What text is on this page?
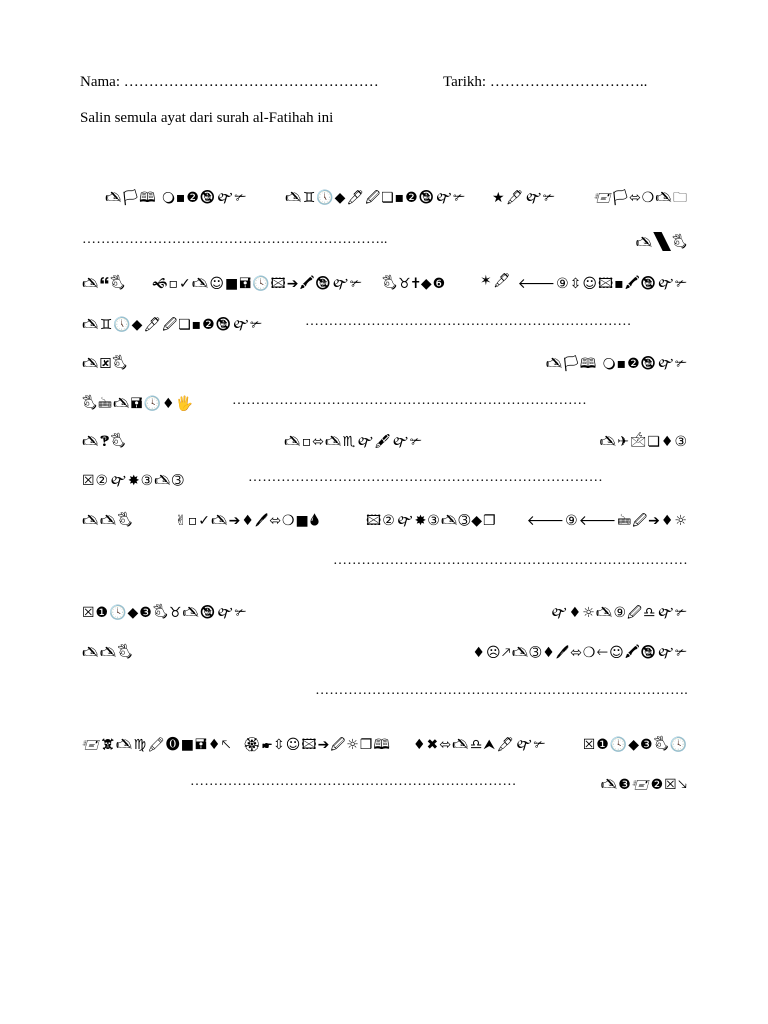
Nama: ……………………………………………	Tarikh: …………………………..
Salin semula ayat dari surah al-Fatihah ini
🖎🏳🕮 🔾▪❷🕲🙰✃	🖎♊🕔◆🖊🖉❏▪❷🕲🙰✃ ★🖋🙰✃	🖅🏳⬄❍🖎🗀
………………………………………………………..	🖎🙽🖏
🖎🙶🖏 🙜▫✓🖎☺■🖬🕓🖾➔🖍🕲🙰✃ 🖏♉🕇◆❻ ✶🖋 🡐⑨⇳☺🖾▪🖍🕲🙰✃
🖎♊🕔◆🖊🖉❏▪❷🕲🙰✃	……………………………………………………………
🖎🗷🖏	🖎🏳🕮 🔾▪❷🕲🙰✃
🖏🖮🖎🖬🕓♦🖐	…………………………………………………………………
🖎🙹🖏	🖎▫⬄🖎♏🙰🖋🙰✃	🖎✈🖄❏♦③
☒②🙰✸③🖎➂	…………………………………………………………………
🖎🖎🖏	✌▫✓🖎➔♦🖊⬄❍■🌢	🖾②🙰✸③🖎➂◆❐ 🡐⑨🡐🖮🖉➔♦☼
…………………………………………………………………
☒❶🕓◆❸🖏♉🖎🕲🙰✃	🙰♦☼🖎⑨🖉♎🙰✃
🖎🖎🖏	♦☹🡕🖎➂♦🖊⬄❍🡐☺🖍🕲🙰✃
…………………………………………………………………….
🖅🕱🖎♍🖍⓿■🖬♦🡔 🏵🖝⇳☺🖾➔🖉☼❐🕮 ♦✖⬄🖎♎⮝🖋🙰✃	☒❶🕓◆❸🖏🕓
……………………………………………………………	🖎❸🖅❷☒🡖
